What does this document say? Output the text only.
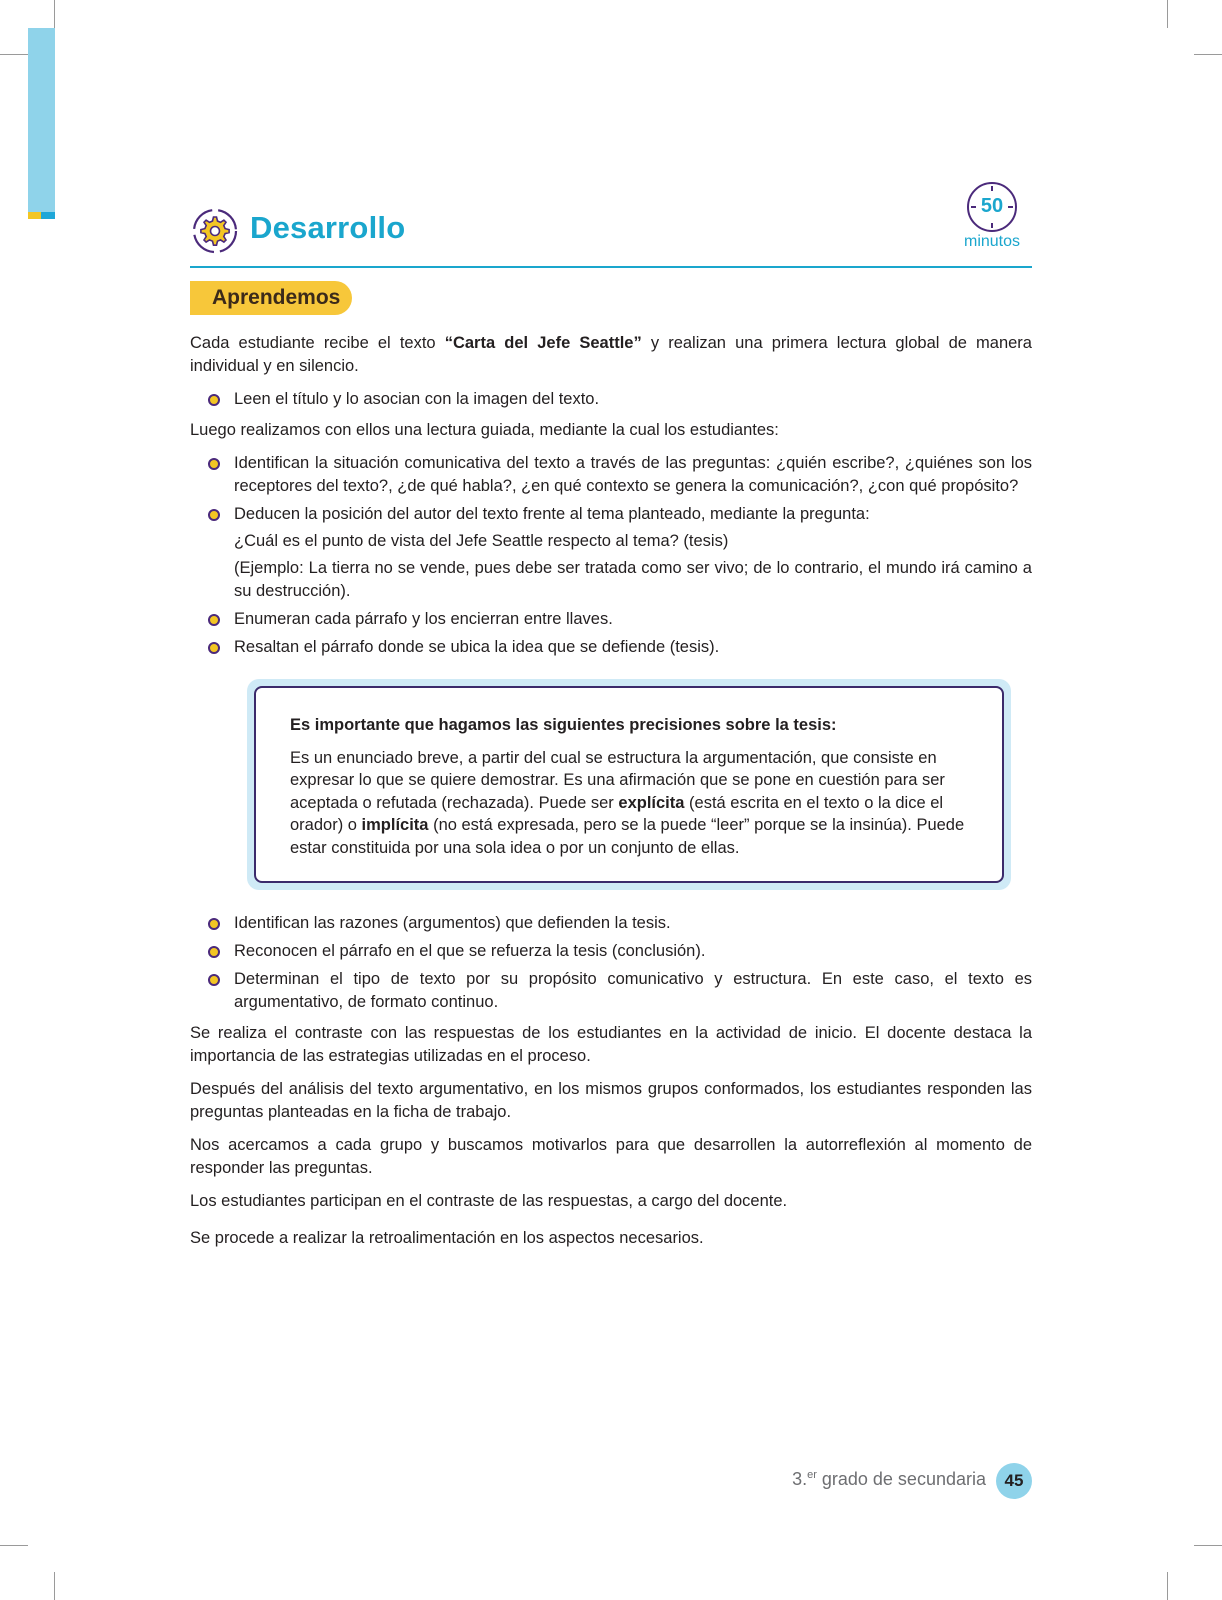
Desarrollo
50
minutos
Aprendemos

Cada estudiante recibe el texto “Carta del Jefe Seattle” y realizan una primera lectura global de manera individual y en silencio.

Leen el título y lo asocian con la imagen del texto.

Luego realizamos con ellos una lectura guiada, mediante la cual los estudiantes:

Identifican la situación comunicativa del texto a través de las preguntas: ¿quién escribe?, ¿quiénes son los receptores del texto?, ¿de qué habla?, ¿en qué contexto se genera la comunicación?, ¿con qué propósito?
Deducen la posición del autor del texto frente al tema planteado, mediante la pregunta:
¿Cuál es el punto de vista del Jefe Seattle respecto al tema? (tesis)
(Ejemplo: La tierra no se vende, pues debe ser tratada como ser vivo; de lo contrario, el mundo irá camino a su destrucción).
Enumeran cada párrafo y los encierran entre llaves.
Resaltan el párrafo donde se ubica la idea que se defiende (tesis).

Es importante que hagamos las siguientes precisiones sobre la tesis:

Es un enunciado breve, a partir del cual se estructura la argumentación, que consiste en expresar lo que se quiere demostrar. Es una afirmación que se pone en cuestión para ser aceptada o refutada (rechazada). Puede ser explícita (está escrita en el texto o la dice el orador) o implícita (no está expresada, pero se la puede “leer” porque se la insinúa). Puede estar constituida por una sola idea o por un conjunto de ellas.

Identifican las razones (argumentos) que defienden la tesis.
Reconocen el párrafo en el que se refuerza la tesis (conclusión).
Determinan el tipo de texto por su propósito comunicativo y estructura. En este caso, el texto es argumentativo, de formato continuo.

Se realiza el contraste con las respuestas de los estudiantes en la actividad de inicio. El docente destaca la importancia de las estrategias utilizadas en el proceso.

Después del análisis del texto argumentativo, en los mismos grupos conformados, los estudiantes responden las preguntas planteadas en la ficha de trabajo.

Nos acercamos a cada grupo y buscamos motivarlos para que desarrollen la autorreflexión al momento de responder las preguntas.

Los estudiantes participan en el contraste de las respuestas, a cargo del docente.

Se procede a realizar la retroalimentación en los aspectos necesarios.

3.$^{er}$ grado de secundaria	45
